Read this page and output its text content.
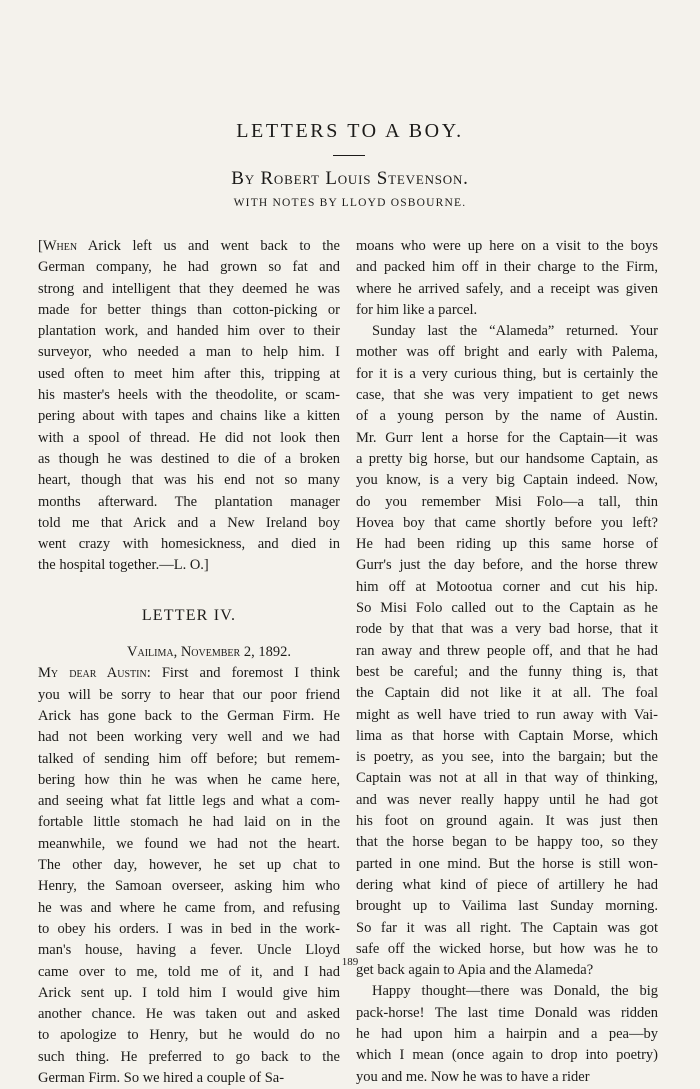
LETTERS TO A BOY.
By Robert Louis Stevenson.
WITH NOTES BY LLOYD OSBOURNE.

[When Arick left us and went back to the

German company, he had grown so fat and

strong and intelligent that they deemed he was

made for better things than cotton-picking or

plantation work, and handed him over to their

surveyor, who needed a man to help him. I

used often to meet him after this, tripping at

his master's heels with the theodolite, or scam-

pering about with tapes and chains like a kitten

with a spool of thread. He did not look then

as though he was destined to die of a broken

heart, though that was his end not so many

months afterward. The plantation manager

told me that Arick and a New Ireland boy

went crazy with homesickness, and died in

the hospital together.—L. O.]

LETTER IV.
Vailima, November 2, 1892.

My dear Austin: First and foremost I think

you will be sorry to hear that our poor friend

Arick has gone back to the German Firm. He

had not been working very well and we had

talked of sending him off before; but remem-

bering how thin he was when he came here,

and seeing what fat little legs and what a com-

fortable little stomach he had laid on in the

meanwhile, we found we had not the heart.

The other day, however, he set up chat to

Henry, the Samoan overseer, asking him who

he was and where he came from, and refusing

to obey his orders. I was in bed in the work-

man's house, having a fever. Uncle Lloyd

came over to me, told me of it, and I had

Arick sent up. I told him I would give him

another chance. He was taken out and asked

to apologize to Henry, but he would do no

such thing. He preferred to go back to the

German Firm. So we hired a couple of Sa-

moans who were up here on a visit to the boys

and packed him off in their charge to the Firm,

where he arrived safely, and a receipt was given

for him like a parcel.

Sunday last the “Alameda” returned. Your

mother was off bright and early with Palema,

for it is a very curious thing, but is certainly the

case, that she was very impatient to get news

of a young person by the name of Austin.

Mr. Gurr lent a horse for the Captain—it was

a pretty big horse, but our handsome Captain, as

you know, is a very big Captain indeed. Now,

do you remember Misi Folo—a tall, thin

Hovea boy that came shortly before you left?

He had been riding up this same horse of

Gurr's just the day before, and the horse threw

him off at Motootua corner and cut his hip.

So Misi Folo called out to the Captain as he

rode by that that was a very bad horse, that it

ran away and threw people off, and that he had

best be careful; and the funny thing is, that

the Captain did not like it at all. The foal

might as well have tried to run away with Vai-

lima as that horse with Captain Morse, which

is poetry, as you see, into the bargain; but the

Captain was not at all in that way of thinking,

and was never really happy until he had got

his foot on ground again. It was just then

that the horse began to be happy too, so they

parted in one mind. But the horse is still won-

dering what kind of piece of artillery he had

brought up to Vailima last Sunday morning.

So far it was all right. The Captain was got

safe off the wicked horse, but how was he to

get back again to Apia and the Alameda?

Happy thought—there was Donald, the big

pack-horse! The last time Donald was ridden

he had upon him a hairpin and a pea—by

which I mean (once again to drop into poetry)

you and me. Now he was to have a rider

189
